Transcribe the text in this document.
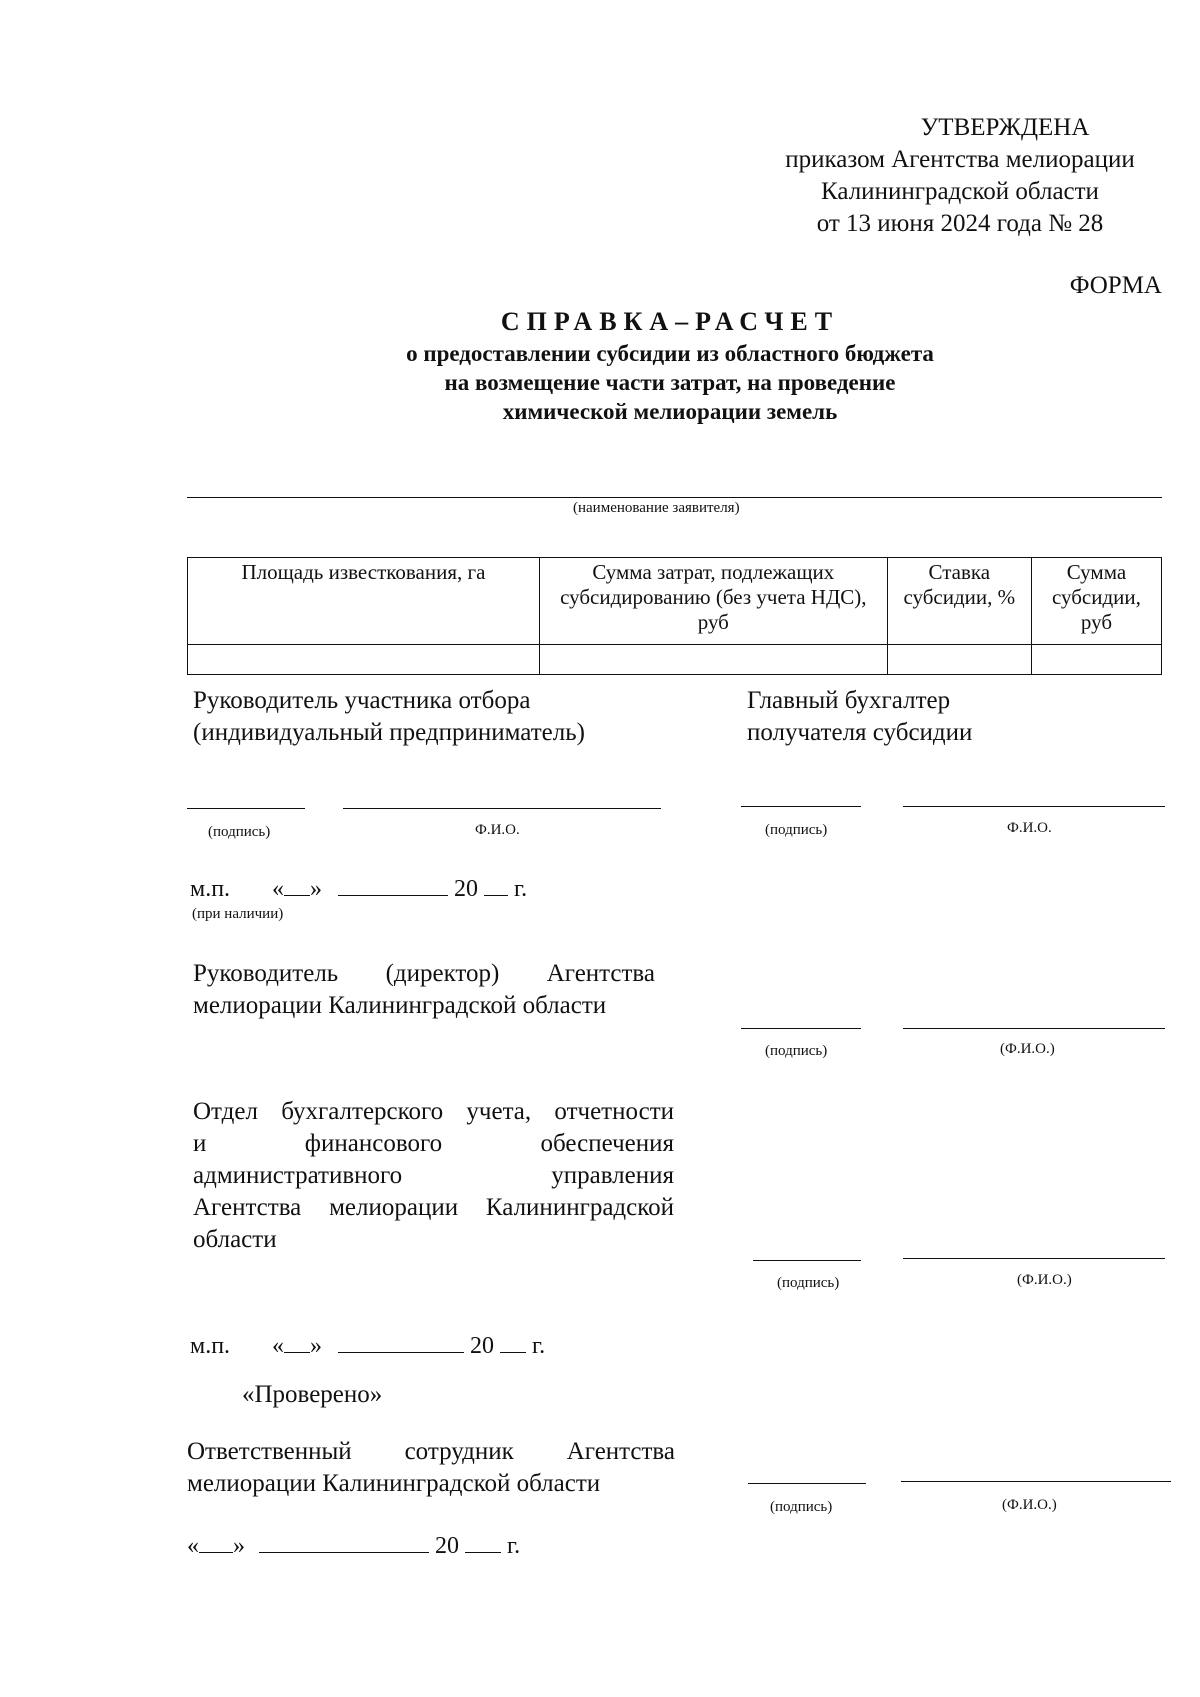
УТВЕРЖДЕНА
приказом Агентства мелиорации
Калининградской области
от 13 июня 2024 года № 28
ФОРМА
СПРАВКА–РАСЧЕТ
о предоставлении субсидии из областного бюджета
на возмещение части затрат, на проведение
химической мелиорации земель
(наименование заявителя)
Площадь известкования, га	Сумма затрат, подлежащих субсидированию (без учета НДС), руб	Ставка субсидии, %	Сумма субсидии, руб

Руководитель участника отбора
(индивидуальный предприниматель)
(подпись)	Ф.И.О.
Главный бухгалтер
получателя субсидии
(подпись)	Ф.И.О.
м.п. « »	20 г.
(при наличии)
Руководитель (директор) Агентства
мелиорации Калининградской области
(подпись)	(Ф.И.О.)
Отдел бухгалтерского учета, отчетности
и финансового обеспечения
административного управления
Агентства мелиорации Калининградской
области
(подпись)	(Ф.И.О.)
м.п. « »	20 г.
«Проверено»
Ответственный сотрудник Агентства
мелиорации Калининградской области
(подпись)	(Ф.И.О.)
« »	20 г.
